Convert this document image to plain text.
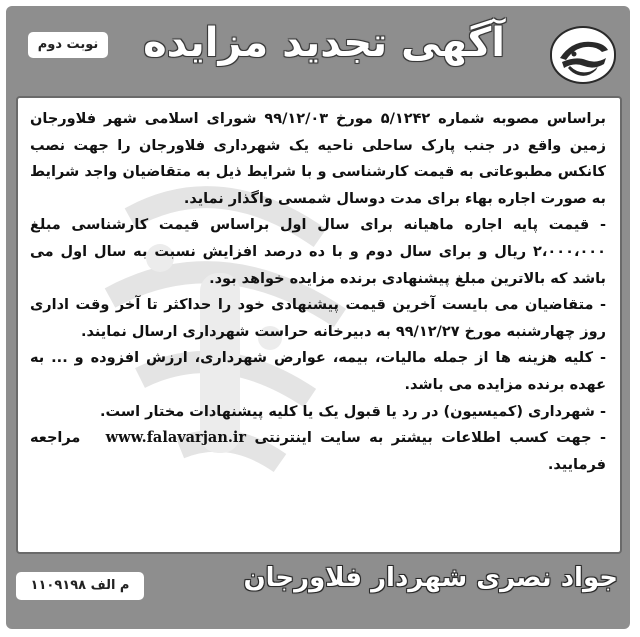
نوبت دوم	آگهی تجدید مزایده

براساس مصوبه شماره ۵/۱۲۴۲ مورخ ۹۹/۱۲/۰۳ شورای اسلامی شهر فلاورجان زمین واقع در جنب پارک ساحلی ناحیه یک شهرداری فلاورجان را جهت نصب کانکس مطبوعاتی به قیمت کارشناسی و با شرایط ذیل به متقاضیان واجد شرایط به صورت اجاره بهاء برای مدت دوسال شمسی واگذار نماید.

- قیمت پایه اجاره ماهیانه برای سال اول براساس قیمت کارشناسی مبلغ ۲،۰۰۰،۰۰۰ ریال و برای سال دوم و با ده درصد افزایش نسبت به سال اول می باشد که بالاترین مبلغ پیشنهادی برنده مزایده خواهد بود.

- متقاضیان می بایست آخرین قیمت پیشنهادی خود را حداکثر تا آخر وقت اداری روز چهارشنبه مورخ ۹۹/۱۲/۲۷ به دبیرخانه حراست شهرداری ارسال نمایند.

- کلیه هزینه ها از جمله مالیات، بیمه، عوارض شهرداری، ارزش افزوده و ... به عهده برنده مزایده می باشد.

- شهرداری (کمیسیون) در رد یا قبول یک یا کلیه پیشنهادات مختار است.

- جهت کسب اطلاعات بیشتر به سایت اینترنتی www.falavarjan.ir   مراجعه فرمایید.

جواد نصری شهردار فلاورجان
م الف ۱۱۰۹۱۹۸
